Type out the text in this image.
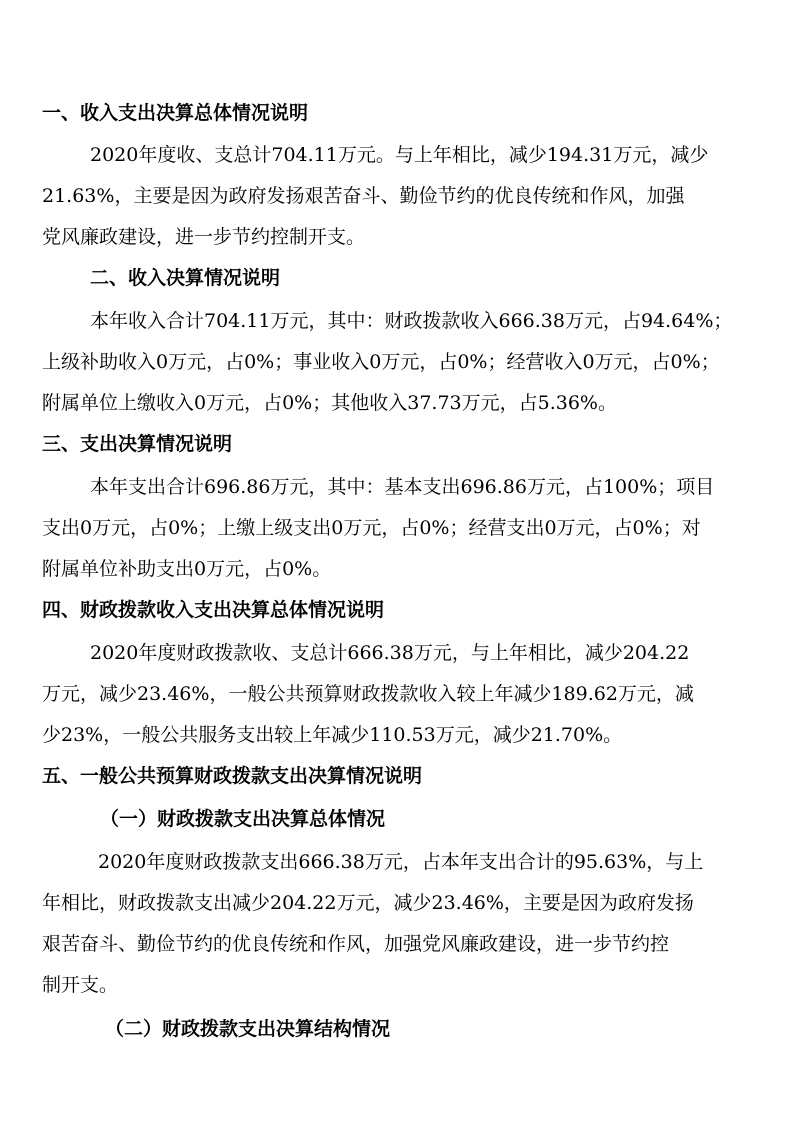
一、收入支出决算总体情况说明
2020年度收、支总计704.11万元。与上年相比，减少194.31万元，减少
21.63%，主要是因为政府发扬艰苦奋斗、勤俭节约的优良传统和作风，加强
党风廉政建设，进一步节约控制开支。
二、收入决算情况说明
本年收入合计704.11万元，其中：财政拨款收入666.38万元，占94.64%；
上级补助收入0万元，占0%；事业收入0万元，占0%；经营收入0万元，占0%；
附属单位上缴收入0万元，占0%；其他收入37.73万元，占5.36%。
三、支出决算情况说明
本年支出合计696.86万元，其中：基本支出696.86万元，占100%；项目
支出0万元，占0%；上缴上级支出0万元，占0%；经营支出0万元，占0%；对
附属单位补助支出0万元，占0%。
四、财政拨款收入支出决算总体情况说明
2020年度财政拨款收、支总计666.38万元，与上年相比，减少204.22
万元，减少23.46%，一般公共预算财政拨款收入较上年减少189.62万元，减
少23%，一般公共服务支出较上年减少110.53万元，减少21.70%。
五、一般公共预算财政拨款支出决算情况说明
（一）财政拨款支出决算总体情况
2020年度财政拨款支出666.38万元，占本年支出合计的95.63%，与上
年相比，财政拨款支出减少204.22万元，减少23.46%，主要是因为政府发扬
艰苦奋斗、勤俭节约的优良传统和作风，加强党风廉政建设，进一步节约控
制开支。
（二）财政拨款支出决算结构情况
